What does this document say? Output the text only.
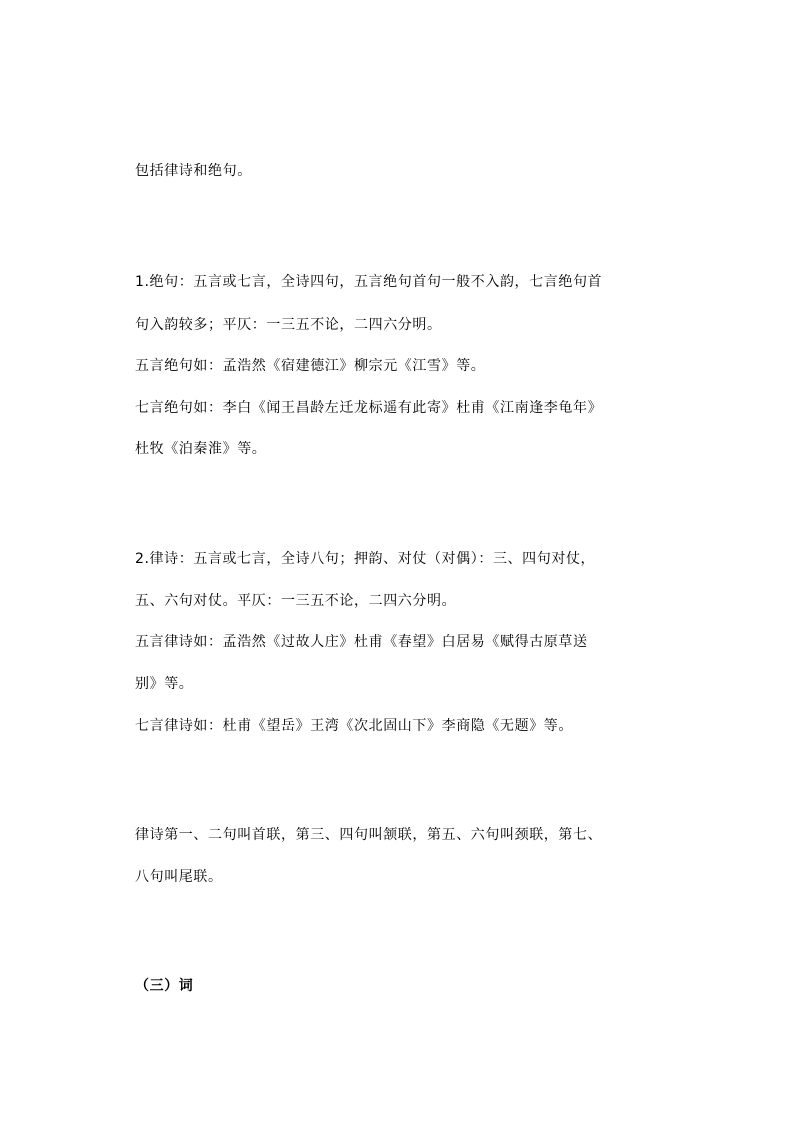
包括律诗和绝句。
1.绝句：五言或七言，全诗四句，五言绝句首句一般不入韵，七言绝句首
句入韵较多；平仄：一三五不论，二四六分明。
五言绝句如：孟浩然《宿建德江》柳宗元《江雪》等。
七言绝句如：李白《闻王昌龄左迁龙标遥有此寄》杜甫《江南逢李龟年》
杜牧《泊秦淮》等。
2.律诗：五言或七言，全诗八句；押韵、对仗（对偶）：三、四句对仗，
五、六句对仗。平仄：一三五不论，二四六分明。
五言律诗如：孟浩然《过故人庄》杜甫《春望》白居易《赋得古原草送
别》等。
七言律诗如：杜甫《望岳》王湾《次北固山下》李商隐《无题》等。
律诗第一、二句叫首联，第三、四句叫颔联，第五、六句叫颈联，第七、
八句叫尾联。
（三）词
